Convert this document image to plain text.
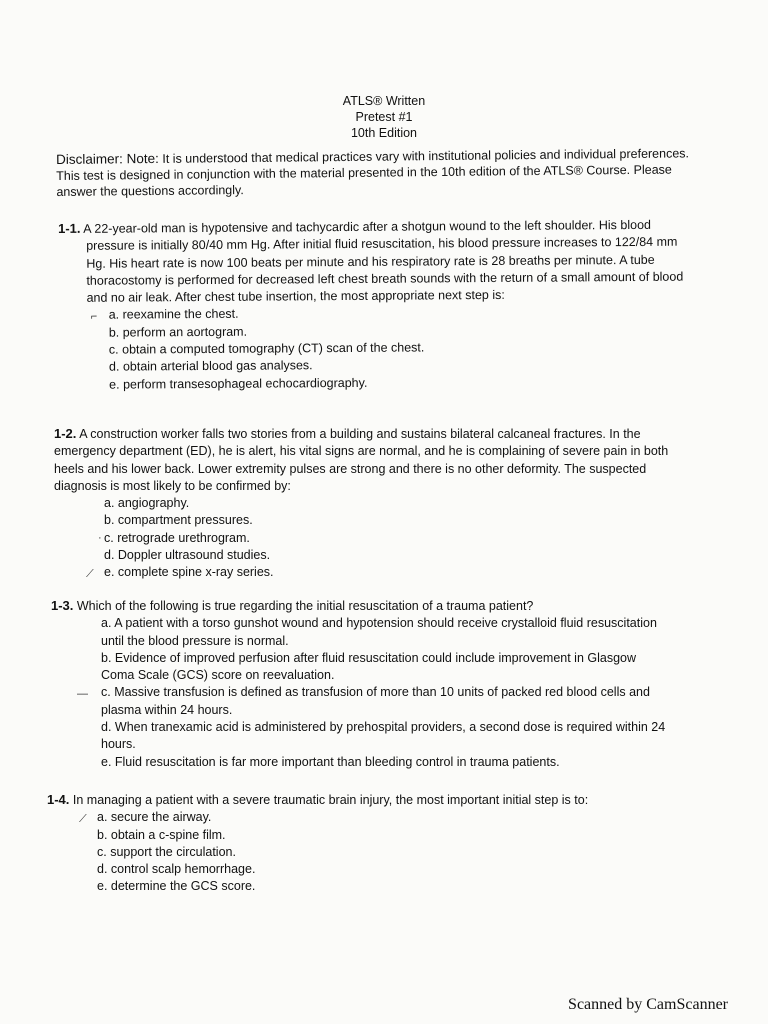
ATLS® Written
Pretest #1
10th Edition
Disclaimer: Note: It is understood that medical practices vary with institutional policies and individual preferences. This test is designed in conjunction with the material presented in the 10th edition of the ATLS® Course. Please answer the questions accordingly.
1-1. A 22-year-old man is hypotensive and tachycardic after a shotgun wound to the left shoulder. His blood pressure is initially 80/40 mm Hg. After initial fluid resuscitation, his blood pressure increases to 122/84 mm Hg. His heart rate is now 100 beats per minute and his respiratory rate is 28 breaths per minute. A tube thoracostomy is performed for decreased left chest breath sounds with the return of a small amount of blood and no air leak. After chest tube insertion, the most appropriate next step is:
⌐ a. reexamine the chest.
b. perform an aortogram.
c. obtain a computed tomography (CT) scan of the chest.
d. obtain arterial blood gas analyses.
e. perform transesophageal echocardiography.
1-2. A construction worker falls two stories from a building and sustains bilateral calcaneal fractures. In the emergency department (ED), he is alert, his vital signs are normal, and he is complaining of severe pain in both heels and his lower back. Lower extremity pulses are strong and there is no other deformity. The suspected diagnosis is most likely to be confirmed by:
a. angiography.
b. compartment pressures.
· c. retrograde urethrogram.
d. Doppler ultrasound studies.
⟋ e. complete spine x-ray series.
1-3. Which of the following is true regarding the initial resuscitation of a trauma patient?
a. A patient with a torso gunshot wound and hypotension should receive crystalloid fluid resuscitation until the blood pressure is normal.
b. Evidence of improved perfusion after fluid resuscitation could include improvement in Glasgow Coma Scale (GCS) score on reevaluation.
— c. Massive transfusion is defined as transfusion of more than 10 units of packed red blood cells and plasma within 24 hours.
d. When tranexamic acid is administered by prehospital providers, a second dose is required within 24 hours.
e. Fluid resuscitation is far more important than bleeding control in trauma patients.
1-4. In managing a patient with a severe traumatic brain injury, the most important initial step is to:
⟋ a. secure the airway.
b. obtain a c-spine film.
c. support the circulation.
d. control scalp hemorrhage.
e. determine the GCS score.
Scanned by CamScanner
